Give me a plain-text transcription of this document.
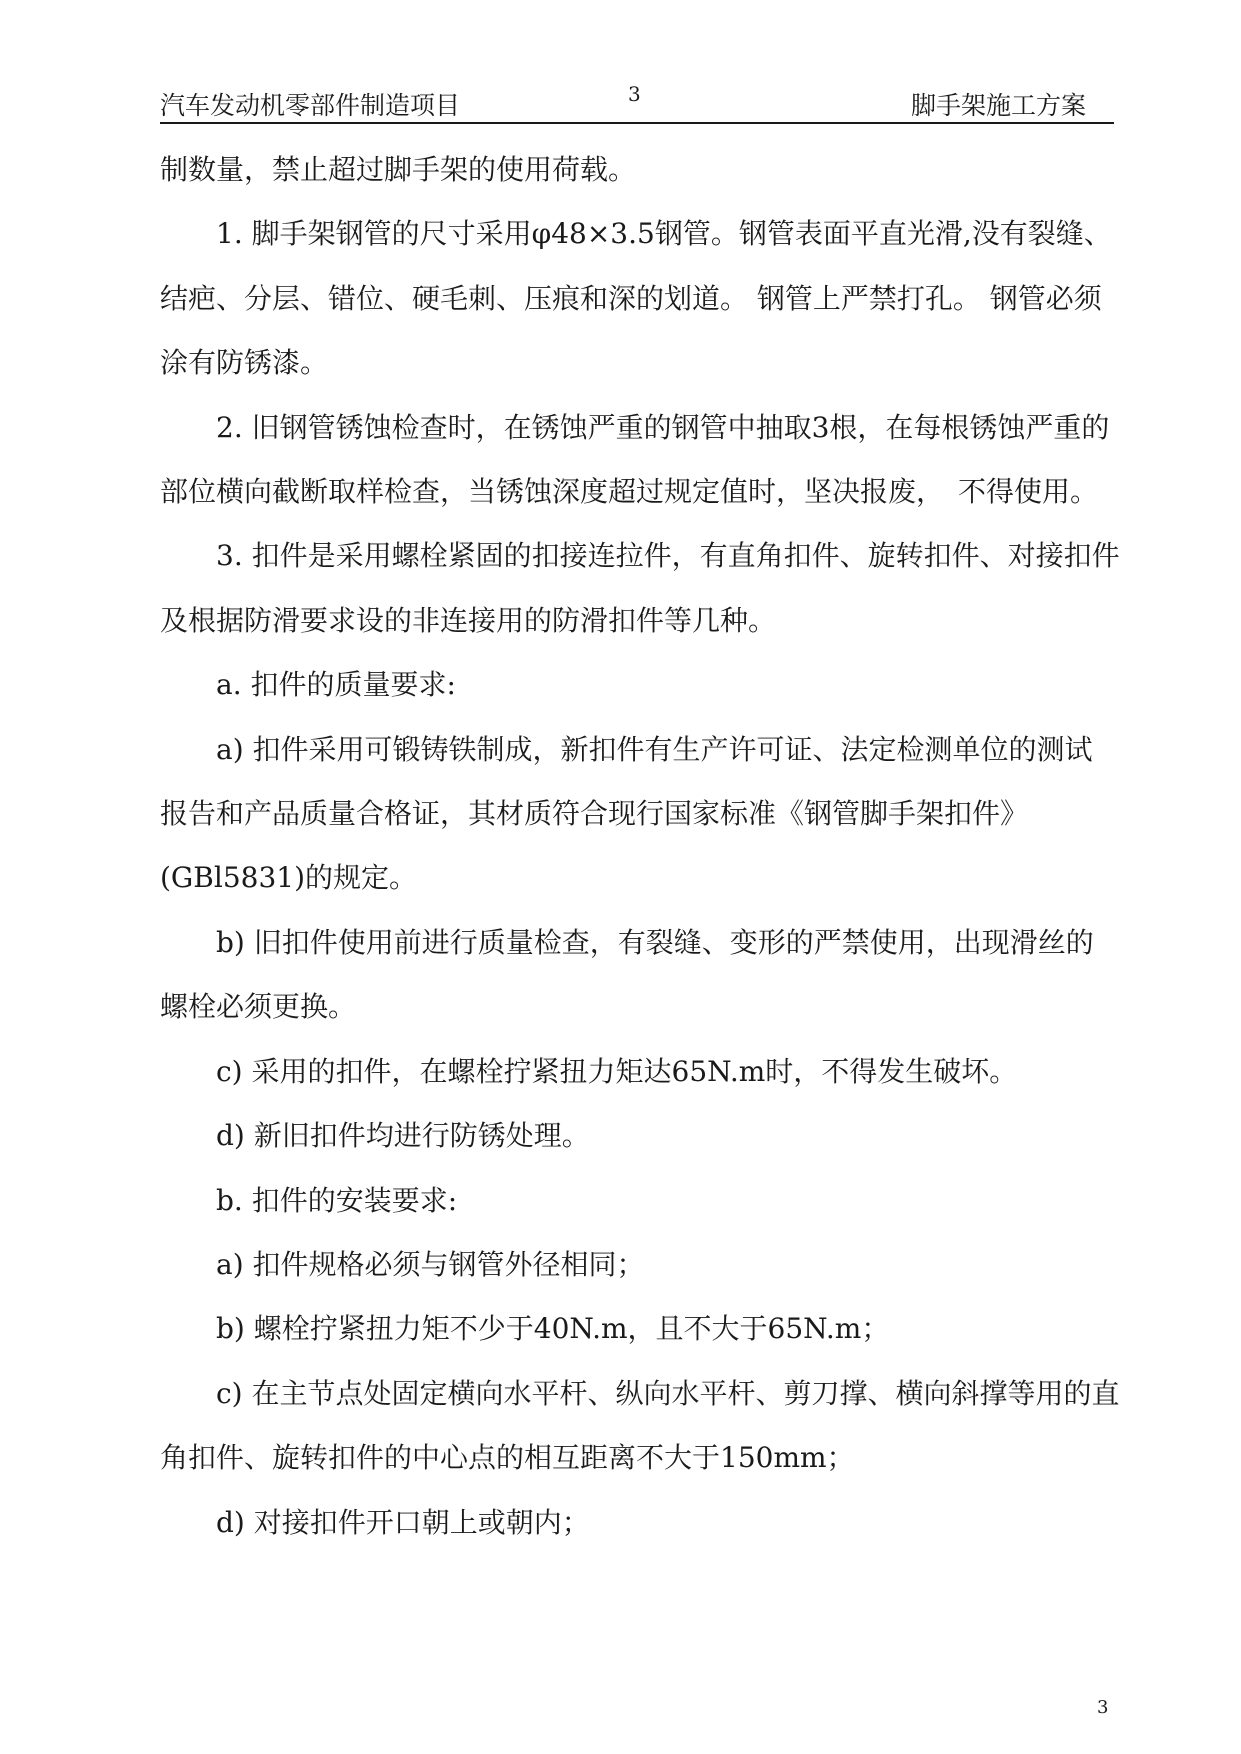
汽车发动机零部件制造项目	3	脚手架施工方案

制数量，禁止超过脚手架的使用荷载。

1. 脚手架钢管的尺寸采用φ48×3.5钢管。钢管表面平直光滑,没有裂缝、结疤、分层、错位、硬毛刺、压痕和深的划道。 钢管上严禁打孔。 钢管必须涂有防锈漆。

2. 旧钢管锈蚀检查时，在锈蚀严重的钢管中抽取3根，在每根锈蚀严重的部位横向截断取样检查，当锈蚀深度超过规定值时，坚决报废，　不得使用。

3. 扣件是采用螺栓紧固的扣接连拉件，有直角扣件、旋转扣件、对接扣件及根据防滑要求设的非连接用的防滑扣件等几种。

a. 扣件的质量要求:

a) 扣件采用可锻铸铁制成，新扣件有生产许可证、法定检测单位的测试报告和产品质量合格证，其材质符合现行国家标准《钢管脚手架扣件》(GBl5831)的规定。

b) 旧扣件使用前进行质量检查，有裂缝、变形的严禁使用，出现滑丝的螺栓必须更换。

c) 采用的扣件，在螺栓拧紧扭力矩达65N.m时，不得发生破坏。

d) 新旧扣件均进行防锈处理。

b. 扣件的安装要求:

a) 扣件规格必须与钢管外径相同；

b) 螺栓拧紧扭力矩不少于40N.m，且不大于65N.m；

c) 在主节点处固定横向水平杆、纵向水平杆、剪刀撑、横向斜撑等用的直角扣件、旋转扣件的中心点的相互距离不大于150mm；

d) 对接扣件开口朝上或朝内；

3
